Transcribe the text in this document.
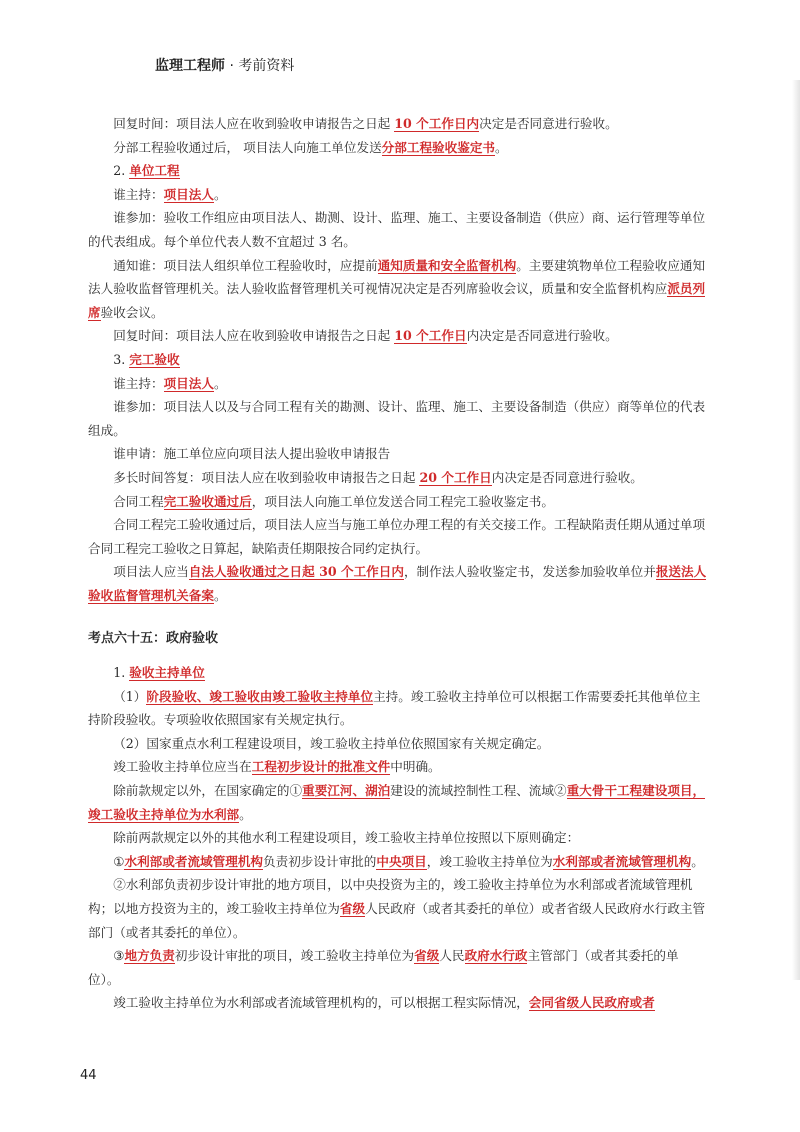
监理工程师 · 考前资料

回复时间：项目法人应在收到验收申请报告之日起 10 个工作日内决定是否同意进行验收。

分部工程验收通过后， 项目法人向施工单位发送分部工程验收鉴定书。

2. 单位工程

谁主持：项目法人。

谁参加：验收工作组应由项目法人、勘测、设计、监理、施工、主要设备制造（供应）商、运行管理等单位的代表组成。每个单位代表人数不宜超过 3 名。

通知谁：项目法人组织单位工程验收时，应提前通知质量和安全监督机构。主要建筑物单位工程验收应通知法人验收监督管理机关。法人验收监督管理机关可视情况决定是否列席验收会议，质量和安全监督机构应派员列席验收会议。

回复时间：项目法人应在收到验收申请报告之日起 10 个工作日内决定是否同意进行验收。

3. 完工验收

谁主持：项目法人。

谁参加：项目法人以及与合同工程有关的勘测、设计、监理、施工、主要设备制造（供应）商等单位的代表组成。

谁申请：施工单位应向项目法人提出验收申请报告

多长时间答复：项目法人应在收到验收申请报告之日起 20 个工作日内决定是否同意进行验收。

合同工程完工验收通过后，项目法人向施工单位发送合同工程完工验收鉴定书。

合同工程完工验收通过后，项目法人应当与施工单位办理工程的有关交接工作。工程缺陷责任期从通过单项合同工程完工验收之日算起，缺陷责任期限按合同约定执行。

项目法人应当自法人验收通过之日起 30 个工作日内，制作法人验收鉴定书，发送参加验收单位并报送法人验收监督管理机关备案。

考点六十五：政府验收

1. 验收主持单位

（1）阶段验收、竣工验收由竣工验收主持单位主持。竣工验收主持单位可以根据工作需要委托其他单位主持阶段验收。专项验收依照国家有关规定执行。

（2）国家重点水利工程建设项目，竣工验收主持单位依照国家有关规定确定。

竣工验收主持单位应当在工程初步设计的批准文件中明确。

除前款规定以外，在国家确定的①重要江河、湖泊建设的流域控制性工程、流域②重大骨干工程建设项目，竣工验收主持单位为水利部。

除前两款规定以外的其他水利工程建设项目，竣工验收主持单位按照以下原则确定：

①水利部或者流域管理机构负责初步设计审批的中央项目，竣工验收主持单位为水利部或者流域管理机构。

②水利部负责初步设计审批的地方项目，以中央投资为主的，竣工验收主持单位为水利部或者流域管理机构；以地方投资为主的，竣工验收主持单位为省级人民政府（或者其委托的单位）或者省级人民政府水行政主管部门（或者其委托的单位）。

③地方负责初步设计审批的项目，竣工验收主持单位为省级人民政府水行政主管部门（或者其委托的单位）。

竣工验收主持单位为水利部或者流域管理机构的，可以根据工程实际情况，会同省级人民政府或者

44
